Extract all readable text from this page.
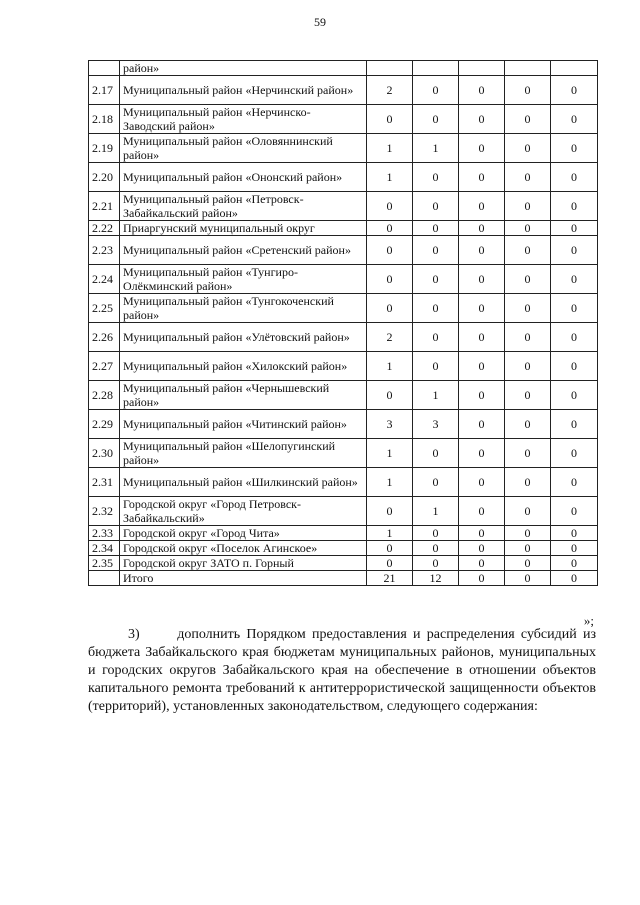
59
	район»					
2.17	Муниципальный район «Нерчинский район»	2	0	0	0	0
2.18	Муниципальный район «Нерчинско-Заводский район»	0	0	0	0	0
2.19	Муниципальный район «Оловяннинский район»	1	1	0	0	0
2.20	Муниципальный район «Ононский район»	1	0	0	0	0
2.21	Муниципальный район «Петровск-Забайкальский район»	0	0	0	0	0
2.22	Приаргунский муниципальный округ	0	0	0	0	0
2.23	Муниципальный район «Сретенский район»	0	0	0	0	0
2.24	Муниципальный район «Тунгиро-Олёкминский район»	0	0	0	0	0
2.25	Муниципальный район «Тунгокоченский район»	0	0	0	0	0
2.26	Муниципальный район «Улётовский район»	2	0	0	0	0
2.27	Муниципальный район «Хилокский район»	1	0	0	0	0
2.28	Муниципальный район «Чернышевский район»	0	1	0	0	0
2.29	Муниципальный район «Читинский район»	3	3	0	0	0
2.30	Муниципальный район «Шелопугинский район»	1	0	0	0	0
2.31	Муниципальный район «Шилкинский район»	1	0	0	0	0
2.32	Городской округ «Город Петровск-Забайкальский»	0	1	0	0	0
2.33	Городской округ «Город Чита»	1	0	0	0	0
2.34	Городской округ «Поселок Агинское»	0	0	0	0	0
2.35	Городской округ ЗАТО п. Горный	0	0	0	0	0
	Итого	21	12	0	0	0
»;
3)      дополнить Порядком предоставления и распределения субсидий из бюджета Забайкальского края бюджетам муниципальных районов, муниципальных и городских округов Забайкальского края на обеспечение в отношении объектов капитального ремонта требований к антитеррористической защищенности объектов (территорий), установленных законодательством, следующего содержания:
